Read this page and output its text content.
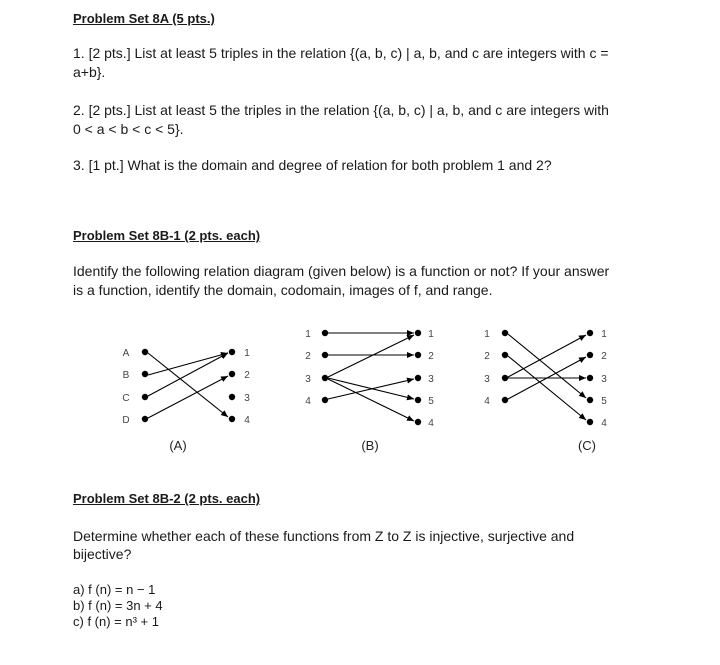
Problem Set 8A (5 pts.)
1. [2 pts.] List at least 5 triples in the relation {(a, b, c) | a, b, and c are integers with c =
a+b}.
2. [2 pts.] List at least 5 the triples in the relation {(a, b, c) | a, b, and c are integers with
0 < a < b < c < 5}.
3. [1 pt.] What is the domain and degree of relation for both problem 1 and 2?
Problem Set 8B-1 (2 pts. each)
Identify the following relation diagram (given below) is a function or not? If your answer
is a function, identify the domain, codomain, images of f, and range.
A
B
C
D
1
2
3
4
(A)
1
2
3
4
1
2
3
5
4
(B)
1
2
3
4
1
2
3
5
4
(C)
Problem Set 8B-2 (2 pts. each)
Determine whether each of these functions from Z to Z is injective, surjective and
bijective?
a) f (n) = n − 1
b) f (n) = 3n + 4
c) f (n) = n³ + 1
